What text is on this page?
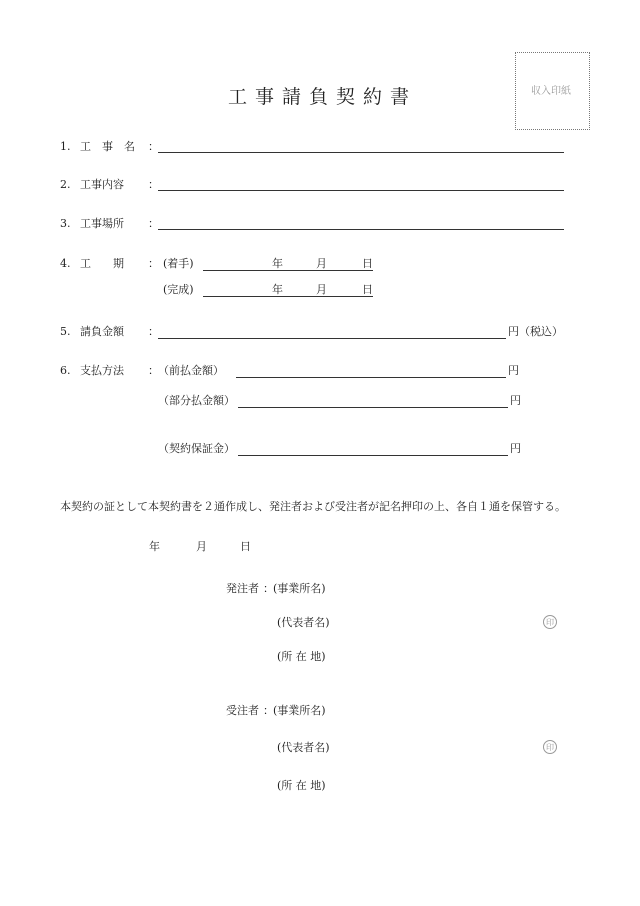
工事請負契約書	収入印紙
1. 工　事　名 ：
2. 工事内容 ：
3. 工事場所 ：
4. 工　　期 ： (着手)	年	月	日
(完成)	年	月	日
5. 請負金額 ：	円 （税込）
6. 支払方法 ： （前払金額）	円
（部分払金額）	円
（契約保証金）	円
本契約の証として本契約書を２通作成し、発注者および受注者が記名押印の上、各自１通を保管する。
年	月	日
発注者 ： (事業所名)
(代表者名)	印
(所 在 地)
受注者 ： (事業所名)
(代表者名)	印
(所 在 地)
